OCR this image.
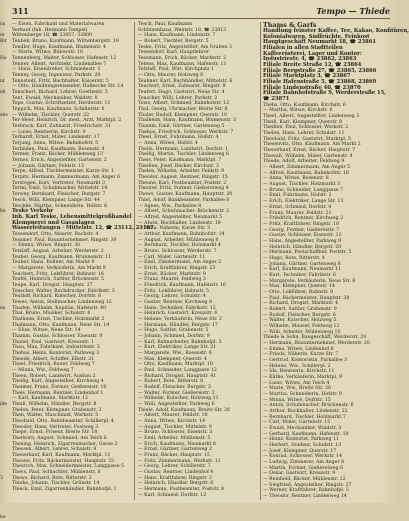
311	Tempo — Thiede
ns
er
Bir
Ha
nt
eh
ens
he
en
ide
3
he
— Eisen, Fabrikant und Materialwaren
Verkauf (Inh. Hermann Tempel)
Wittenberge 18, ☎ 23857, 33800
Tenbek, Bruno, Kaufmann, Wittenbergstr. 19
Tendler, Hugo, Kaufmann, Blumenstr. 4
— Marie, Witwe, Bülowstr. 10
Tennenberg, Walter, Schlosser, Hafenstr. 12
Tenner, Albert, Architekt, Lindenallee 7
— Hans, Eisendreher, Schmiedestr. 1
Tenney, Georg, Ingenieur, Parkstr. 20
Tennstedt, Fritz, Buchhalter, Kaiserstr. 5
— Otto, Handlungsreisender, Hallesche Str. 14
Tenschert, Richard, Lehrer, Goethestr. 3
Tent, Ewald, Mechaniker, Waldstr. 8
Tepe, Gustav, Schriftsetzer, Herderstr. 11
Teppich, Max, Kaufmann, Schillerstr. 6
— Wilhelm, Tischler, Querstr. 22
Ter-Meer, Heinrich, Dr. med., Arzt, Marktpl. 2
Terbrack, Karl, Zahnarzt, Friedrichstr. 31
— Luise, Rentnerin, Kirchstr. 9
Terhardt, Ernst, Maler, Lindenstr. 17
Terjung, Anna, Witwe, Bahnhofstr. 5
Terlinden, Paul, Kaufmann, Rosenstr. 4
Termer, Franz, Bäcker, Mühlenweg 13
Ternes, Erich, Angestellter, Gartenstr. 2
— Johann, Gärtner, Feldstr. 15
Terpe, Alfred, Tischlermeister, Kurze Str. 1
Terpitz, Hermann, Zimmermann, Am Anger 6
Terstegen, Kurt, Vertreter, Neumarkt 3
Tertel, Emil, Schuhmacher, Mittelstr. 19
Terwey, Bernhard, Fleischer, Burgstr. 7
Tesch, Willi, Klempner, Lange Str. 44
Teschke, Martha, Schneiderin, Hofstr. 8
Teske Verkehr
Inh. Karl Teske, Lebensmittelgroßhandel
Klempnerei und Gasanlagen
Wasserleitungen · Mittelstr. 12, ☎ 23112, 23187
Tessendorf, Otto, Maurer, Bachstr. 4
Tessmer, Paul, Bauunternehmer, Ringstr. 30
— Emma, Witwe, Ringstr. 30
Tetzlaff, August, Arbeiter, Werderstr. 2
Teubel, Georg, Kaufmann, Brunnenstr. 11
Teuber, Hans, Kellner, Am Markt 9
— Margarete, Verkäuferin, Am Markt 9
Teuchert, Fritz, Lokführer, Bahnstr. 16
Teufel, Heinrich, Sattler, Brückenstr. 5
Teupe, Karl, Drogist, Hauptstr. 27
Teuscher, Walter, Buchdrucker, Fabrikstr. 3
Teutloff, Richard, Kutscher, Dorfstr. 8
Tewes, Anton, Stellmacher, Lindenweg 12
Thaden, Wilhelm, Kapitän, Hafenstr. 40
Thal, Bruno, Musiker, Schulstr. 6
Thalheim, Ernst, Tischler, Holzmarkt 2
Thalmann, Otto, Kaufmann, Neue Str. 14
— Elise, Witwe, Neue Str. 14
Thamm, Gustav, Schlosser, Eisenstr. 9
Thanel, Paul, Gastwirt, Kreuzstr. 1
Thau, Max, Fabrikant, Industriestr. 5
Thebus, Heinz, Kontorist, Parkweg 3
Theede, Albert, Schiffer, Elbstr. 21
Theel, Friedrich, Bauer, Feldweg 7
— Minna, Ww., Feldweg 7
Theen, Robert, Landwirt, Ausbau 2
Theilig, Kurt, Angestellter, Kirchweg 4
Theimer, Franz, Former, Gießereistr. 10
Theis, Hermann, Rentner, Lindenhof 1
— Karl, Kaufmann, Marktstr. 12
Theiß, Wilhelm, Händler, Bergstr. 8
Thelen, Peter, Klempner, Grabenstr. 2
Then, Walter, Maschinist, Werkstr. 5
Theobald, Otto, Bahnbeamter, Schillerpl. 4
Theodor, Hans, Vertreter, Postweg 3
Thepe, Ernst, Friseur, Breite Str. 18
Therkorn, August, Schmied, Am Teich 6
Thesing, Heinrich, Zigarrenmacher, Gasse 2
Thessen, Albert, Lehrer, Schulstr. 9
Theuerkauf, Karl, Kaufmann, Marktpl. 11
Theune, Fritz, Bäckermeister, Hauptstr. 33
Theurich, Max, Schneidermeister, Langgasse 5
Thevs, Paul, Schlachter, Mühlenstr. 8
Thews, Richard, Bote, Ritterstr. 2
Thiebe, Johann, Tischler, Grünstr. 14
Thieck, Emil, Zigarrenhändler, Bahnhofpl. 1
Tesch, Paul, Kaufmann
Schützenhaus, Weinstr. 18, ☎ 23813
— Hans, Kaufmann, Lindenstr. 7
— Robert, Tischler, Bergstr. 5
Teske, Fritz, Angestellter, Am Graben 3
Tessendorf, Karl, Hauptlehrer
Tessmann, Erich, Bäcker, Marktstr. 2
Tetens, Max, Kaufmann, Hafenstr. 11
Tetzlaff, Paul, Wirt, Kirchplatz 1
— Otto, Maurer, Holzweg 8
Teubner, Karl, Buchhändler, Mittelstr. 6
Teuchert, Ernst, Zahnarzt, Ringstr. 9
Teufert, Hugo, Gastwirt, Neue Str. 4
Teuscher, Willi, Lehrer, Parkstr. 2
Tews, Albert, Schmied, Bahnhofstr. 12
Thal, Georg, Uhrmacher, Breite Str. 8
Thaler, Rudolf, Klempner, Querstr. 10
Thalheim, Hans, Kaufmann, Blumenstr. 3
Thamm, Emil, Gärtner, Gartenweg 5
Thebus, Friedrich, Schlosser, Werkstr. 7
Theel, Ernst, Fuhrmann, Hofstr. 4
— Anna, Witwe, Hofstr. 4
Theile, Hermann, Landwirt, Dorfstr. 1
Theilig, Martin, Tischler, Lindenweg 6
Theis, Peter, Kaufmann, Marktpl. 7
Theißen, Josef, Bäcker, Kirchstr. 3
Thelen, Wilhelm, Arbeiter, Feldstr. 9
Theodor, August, Rentner, Ringstr. 15
Theune, Karl, Postbeamter, Poststr. 2
Theurer, Fritz, Former, Gießereiweg 4
Thews, Gustav, Kaufmann, Hauptstr. 20
Thiel, Adolf, Bankbeamter, Parkallee 8
— Agnes, Ww., Parkallee 8
— Albert, Schuhmacher, Brückenstr. 2
— Alfred, Angestellter, Neumarkt 5
— Alwin, Buchhalter, Lindenstr. 19
— Anna, Näherin, Kurze Str. 3
— Arthur, Kaufmann, Bahnhofstr. 14
— August, Arbeiter, Mühlenweg 6
— Bernhard, Tischler, Holzmarkt 4
— Bruno, Schlosser, Werderstr. 7
— Carl, Maler, Gartenstr. 11
— Emil, Zimmermann, Am Anger 2
— Erich, Kraftfahrer, Ringstr. 23
— Ernst, Bäcker, Marktstr. 9
— Franz, Maurer, Feldweg 3
— Friedrich, Kaufmann, Hafenstr. 16
— Fritz, Lokführer, Bahnstr. 5
— Georg, Lehrer, Schulstr. 4
— Gustav, Rentner, Kirchweg 8
— Hans, Techniker, Fabrikstr. 12
— Heinrich, Gastwirt, Kreuzstr. 6
— Helene, Verkäuferin, Neue Str. 2
— Hermann, Händler, Bergstr. 17
— Hugo, Sattler, Grabenstr. 5
— Johann, Schmied, Dorfstr. 9
— Karl, Bahnarbeiter, Bahnhofpl. 3
— Kurt, Elektriker, Lange Str. 21
— Margarete, Ww., Rosenstr. 6
— Max, Klempner, Querstr. 4
— Otto, Kaufmann, Marktpl. 10
— Paul, Schneider, Langgasse 12
— Richard, Drogist, Hauptstr. 41
— Robert, Bote, Ritterstr. 8
— Rudolf, Fleischer, Burgstr. 3
— Walter, Former, Gießereistr. 2
— Wilhelm, Kutscher, Holzweg 11
— Willi, Angestellter, Parkweg 6
Thiele, Adolf, Kaufmann, Breite Str. 26
— Albert, Maurer, Feldstr. 18
— Anna, Witwe, Kirchstr. 14
— August, Tischler, Mittelstr. 9
— Bruno, Schlosser, Eisenstr. 3
— Emil, Arbeiter, Mühlenstr. 5
— Erich, Kaufmann, Neumarkt 8
— Ernst, Gärtner, Gartenweg 2
— Franz, Bäcker, Hauptstr. 15
— Fritz, Zimmermann, Werkstr. 11
— Georg, Lehrer, Schillerstr. 7
— Gustav, Rentner, Lindenhof 4
— Hans, Kraftfahrer, Ringstr. 2
— Heinrich, Händler, Bergstr. 6
— Hermann, Postbeamter, Poststr. 8
— Karl, Schmied, Dorfstr. 12
Thams & Garfs
Handlung feinster Kaffee, Tee, Kakao, Konfitüren,
Kolonialwaren, Südfrüchte, Feinkost
Hauptgeschäft Neumarkt 18, ☎ 23861
Filialen in allen Stadtteilen
Kaffeerösterei, Lager und Kontor:
Industriestr. 4, ☎ 23862, 23863
Filiale Breite Straße 12, ☎ 23864
Filiale Bergstraße 27, ☎ 23865, 23866
Filiale Marktplatz 3, ☎ 23867
Filiale Hafenstraße 5, ☎ 23868, 23869
Filiale Lindenstraße 40, ☎ 23870
Filiale Bahnhofstraße 9, Werderstraße 15,
☎ 23871
Thebs, Otto, Kaufmann, Kirchstr. 6
— Martha, Witwe, Kirchstr. 6
Theel, Albert, Angestellter, Lindenweg 3
Theiß, Karl, Klempner, Querstr. 8
Theißen, Paul, Schlosser, Werkstr. 2
Thelen, Hans, Lehrer, Schulstr. 11
Theobald, Fritz, Gastwirt, Marktpl. 5
Thesenvitz, Otto, Kaufmann, Am Markt 2
Theuerkauf, Ernst, Bäcker, Hauptstr. 7
Thewalt, Wilhelm, Maler, Gartenstr. 4
Thiede, Adolf, Arbeiter, Feldweg 9
— Albert, Zimmermann, Am Anger 5
— Alfred, Kaufmann, Bahnhofstr. 16
— Anna, Witwe, Rosenstr. 8
— August, Tischler, Holzmarkt 3
— Bruno, Schneider, Langgasse 7
— Emil, Fuhrmann, Hofstr. 2
— Erich, Elektriker, Lange Str. 13
— Ernst, Schmied, Dorfstr. 4
— Franz, Maurer, Feldstr. 21
— Friedrich, Rentner, Kirchweg 2
— Fritz, Kraftfahrer, Ringstr. 18
— Georg, Former, Gießereistr. 7
— Gustav, Schlosser, Eisenstr. 12
— Hans, Angestellter, Parkweg 9
— Heinrich, Händler, Bergstr. 20
— Hermann, Postschaffner, Poststr. 5
— Hugo, Bote, Ritterstr. 4
— Johann, Gärtner, Gartenweg 8
— Karl, Kaufmann, Neumarkt 11
— Kurt, Techniker, Fabrikstr. 6
— Margarete, Verkäuferin, Neue Str. 8
— Max, Klempner, Querstr. 14
— Otto, Lokführer, Bahnstr. 9
— Paul, Bäckermeister, Hauptstr. 38
— Richard, Drogist, Marktstr. 4
— Robert, Sattler, Grabenstr. 9
— Rudolf, Fleischer, Burgstr. 6
— Walter, Kutscher, Holzweg 5
— Wilhelm, Maurer, Feldweg 12
— Willi, Arbeiter, Mühlenweg 10
Thiede & Sohn, Baugeschäft, Werderstr. 20
— Hermann, Bauunternehmer, Werderstr. 20
— Emma, Witwe, Lindenhof 6
— Frieda, Näherin, Kurze Str. 7
— Gertrud, Kontoristin, Parkallee 3
— Helene, Ww., Schillerpl. 2
— Ida, Rentnerin, Kirchstr. 11
— Käthe, Verkäuferin, Marktpl. 9
— Luise, Witwe, Am Teich 4
— Marie, Ww., Breite Str. 30
— Martha, Schneiderin, Hofstr. 9
— Minna, Witwe, Dorfstr. 15
— Anton, Schuhmacher, Brückenstr. 6
— Arthur, Buchhalter, Lindenstr. 22
— Bernhard, Tischler, Holzmarkt 7
— Carl, Maler, Gartenstr. 15
— Ewald, Mechaniker, Waldstr. 3
— Gerhard, Kaufmann, Hafenstr. 19
— Heinz, Kontorist, Parkweg 11
— Herbert, Student, Schulstr. 13
— Josef, Klempner, Querstr. 17
— Konrad, Schlosser, Werkstr. 14
— Ludwig, Zimmerer, Am Anger 8
— Martin, Former, Gießereiweg 6
— Oskar, Gastwirt, Kreuzstr. 9
— Reinhold, Bäcker, Mühlenstr. 12
— Siegfried, Angestellter, Ringstr. 27
— Werner, Kraftfahrer, Bahnhofpl. 5
— Theodor, Rentner, Lindenweg 14
